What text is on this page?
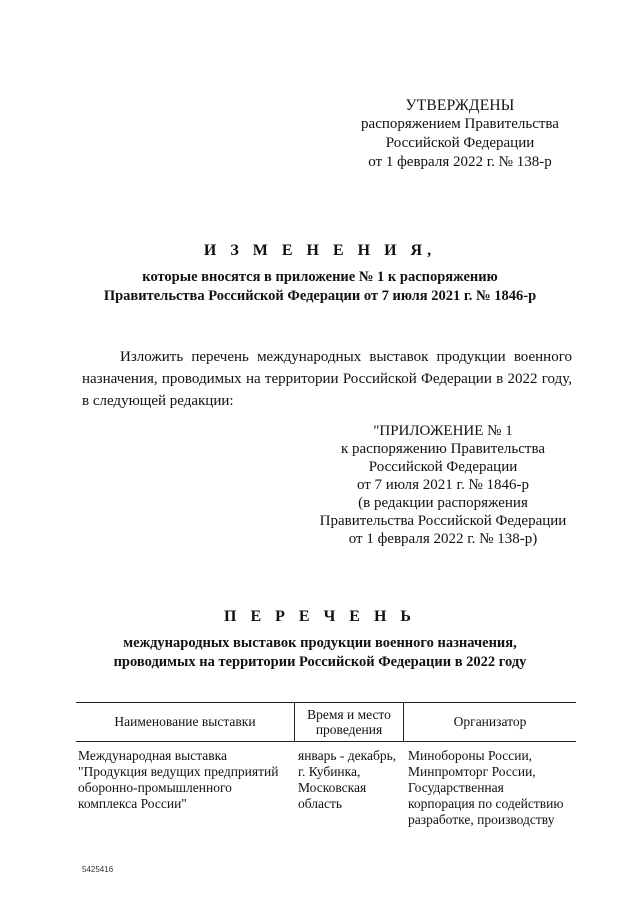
УТВЕРЖДЕНЫ
распоряжением Правительства
Российской Федерации
от 1 февраля 2022 г. № 138-р
И З М Е Н Е Н И Я,
которые вносятся в приложение № 1 к распоряжению
Правительства Российской Федерации от 7 июля 2021 г. № 1846-р
Изложить перечень международных выставок продукции военного назначения, проводимых на территории Российской Федерации в 2022 году, в следующей редакции:
"ПРИЛОЖЕНИЕ № 1
к распоряжению Правительства
Российской Федерации
от 7 июля 2021 г. № 1846-р
(в редакции распоряжения
Правительства Российской Федерации
от 1 февраля 2022 г. № 138-р)
П Е Р Е Ч Е Н Ь
международных выставок продукции военного назначения,
проводимых на территории Российской Федерации в 2022 году
Наименование выставки	Время и место проведения
Организатор
Международная выставка
"Продукция ведущих предприятий
оборонно-промышленного
комплекса России"
январь - декабрь,
г. Кубинка,
Московская
область
Минобороны России,
Минпромторг России,
Государственная
корпорация по содействию
разработке, производству
5425416
